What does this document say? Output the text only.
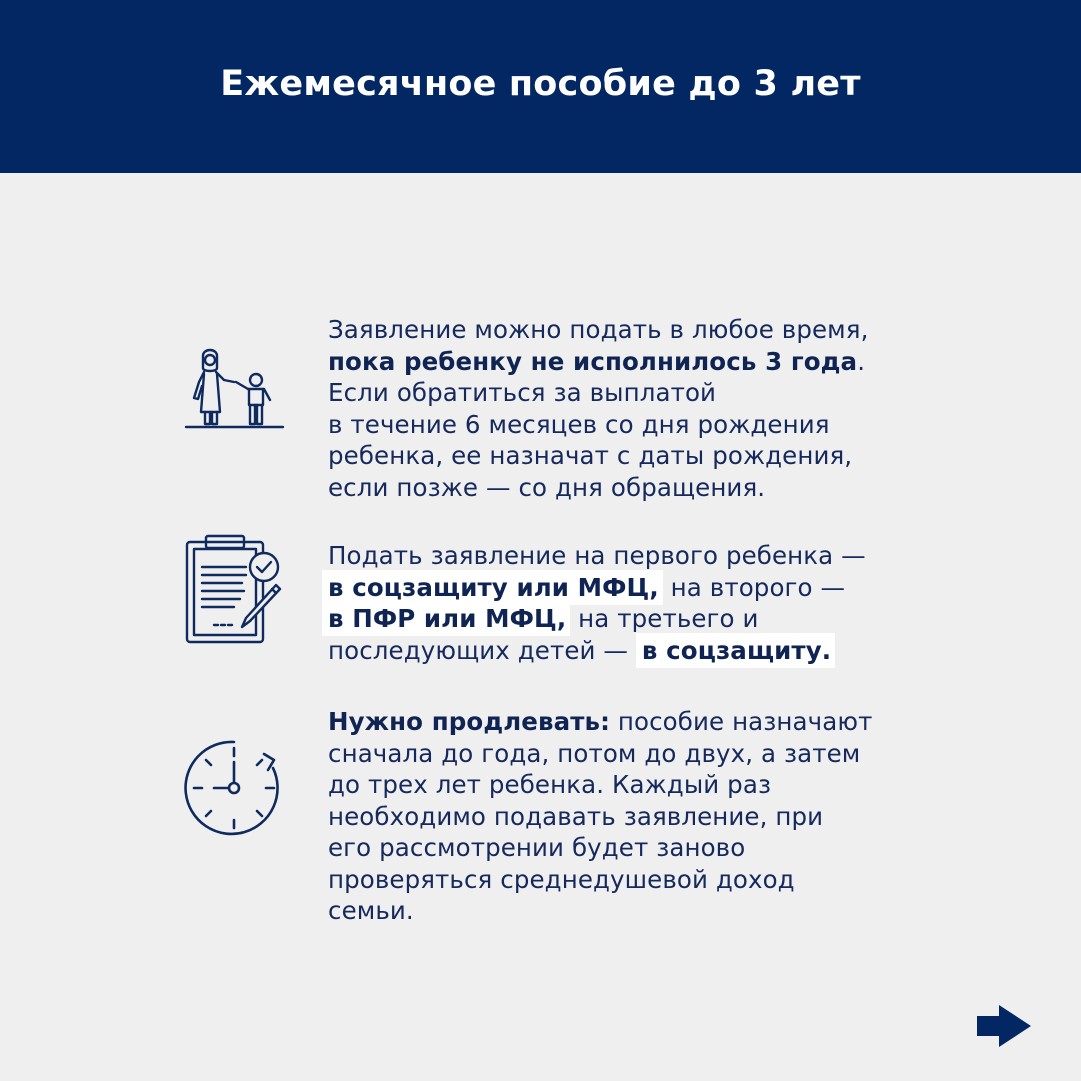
Ежемесячное пособие до 3 лет

Заявление можно подать в любое время,

пока ребенку не исполнилось 3 года.

Если обратиться за выплатой

в течение 6 месяцев со дня рождения

ребенка, ее назначат с даты рождения,

если позже — со дня обращения.

Подать заявление на первого ребенка —

в соцзащиту или МФЦ, на второго —

в ПФР или МФЦ, на третьего и

последующих детей — в соцзащиту.

Нужно продлевать: пособие назначают

сначала до года, потом до двух, а затем

до трех лет ребенка. Каждый раз

необходимо подавать заявление, при

его рассмотрении будет заново

проверяться среднедушевой доход

семьи.
